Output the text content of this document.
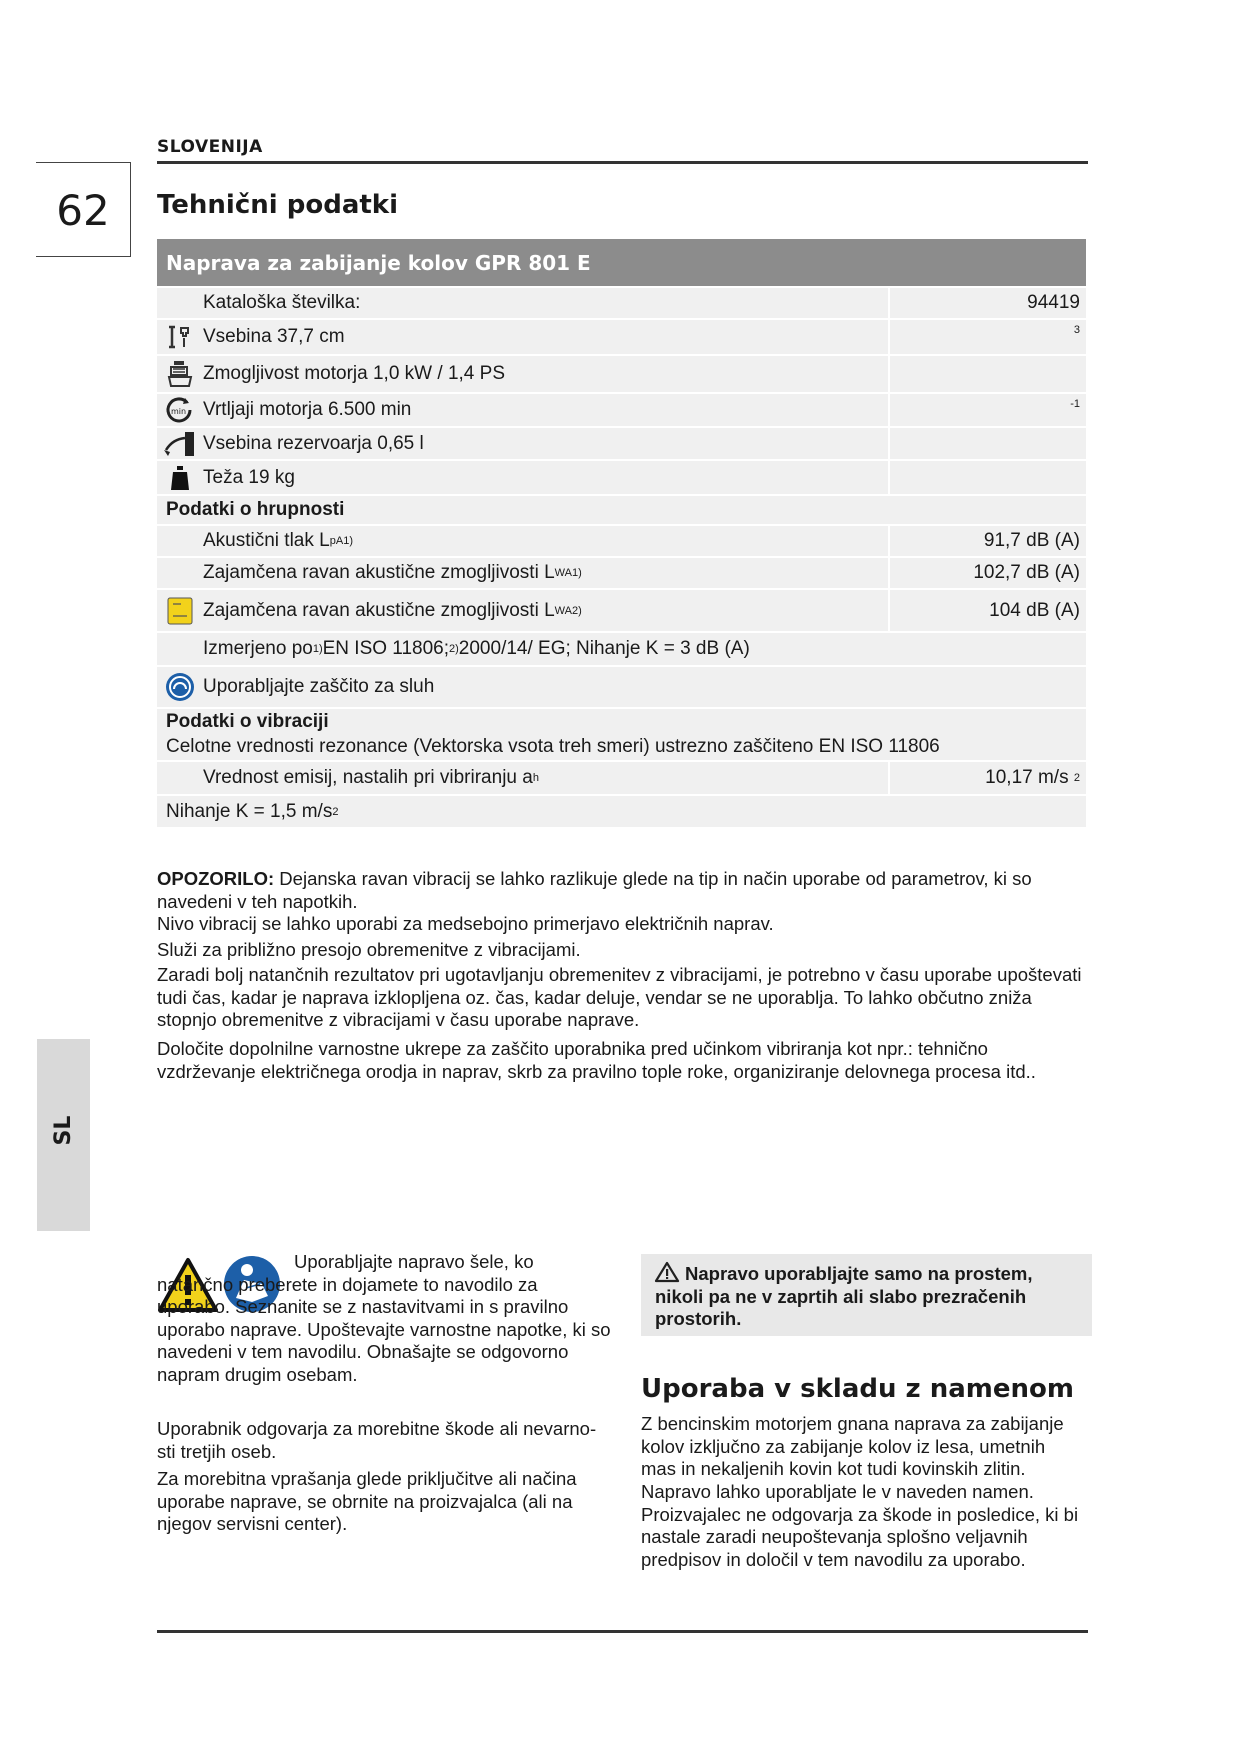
SLOVENIJA
62	Tehnični podatki
Naprava za zabijanje kolov GPR 801 E
Kataloška številka:	94419
Vsebina 37,7 cm	3
Zmogljivost motorja 1,0 kW / 1,4 PS
min Vrtljaji motorja 6.500 min	-1
Vsebina rezervoarja 0,65 l
Teža 19 kg
Podatki o hrupnosti
Akustični tlak L pA 1)	91,7 dB (A)
Zajamčena ravan akustične zmogljivosti L WA 1)	102,7 dB (A)
Zajamčena ravan akustične zmogljivosti L WA 2)	104 dB (A)
Izmerjeno po 1) EN ISO 11806; 2) 2000/14/ EG; Nihanje K = 3 dB (A)
Uporabljajte zaščito za sluh
Podatki o vibraciji
Celotne vrednosti rezonance (Vektorska vsota treh smeri) ustrezno zaščiteno EN ISO 11806
Vrednost emisij, nastalih pri vibriranju a h	10,17 m/s
2
Nihanje K = 1,5 m/s 2
OPOZORILO: Dejanska ravan vibracij se lahko razlikuje glede na tip in način uporabe od parametrov, ki so navedeni v teh napotkih.
Nivo vibracij se lahko uporabi za medsebojno primerjavo električnih naprav.
Služi za približno presojo obremenitve z vibracijami.
Zaradi bolj natančnih rezultatov pri ugotavljanju obremenitev z vibracijami, je potrebno v času uporabe upoštevati tudi čas, kadar je naprava izklopljena oz. čas, kadar deluje, vendar se ne uporablja. To lahko občutno zniža stopnjo obremenitve z vibracijami v času uporabe naprave.
Določite dopolnilne varnostne ukrepe za zaščito uporabnika pred učinkom vibriranja kot npr.: tehnično vzdrževanje električnega orodja in naprav, skrb za pravilno tople roke, organiziranje delovnega procesa itd..
SL
Uporabljajte napravo šele, ko natančno preberete in dojamete to navodilo za uporabo. Seznanite se z nastavitvami in s pravilno uporabo naprave. Upoštevajte varnostne napotke, ki so navedeni v tem navodilu. Obnašajte se odgovorno napram drugim osebam.
Uporabnik odgovarja za morebitne škode ali nevarno-sti tretjih oseb.
Za morebitna vprašanja glede priključitve ali načina uporabe naprave, se obrnite na proizvajalca (ali na njegov servisni center).
Napravo uporabljajte samo na prostem, nikoli pa ne v zaprtih ali slabo prezračenih prostorih.
Uporaba v skladu z namenom
Z bencinskim motorjem gnana naprava za zabijanje kolov izključno za zabijanje kolov iz lesa, umetnih mas in nekaljenih kovin kot tudi kovinskih zlitin.
Napravo lahko uporabljate le v naveden namen. Proizvajalec ne odgovarja za škode in posledice, ki bi nastale zaradi neupoštevanja splošno veljavnih predpisov in določil v tem navodilu za uporabo.
